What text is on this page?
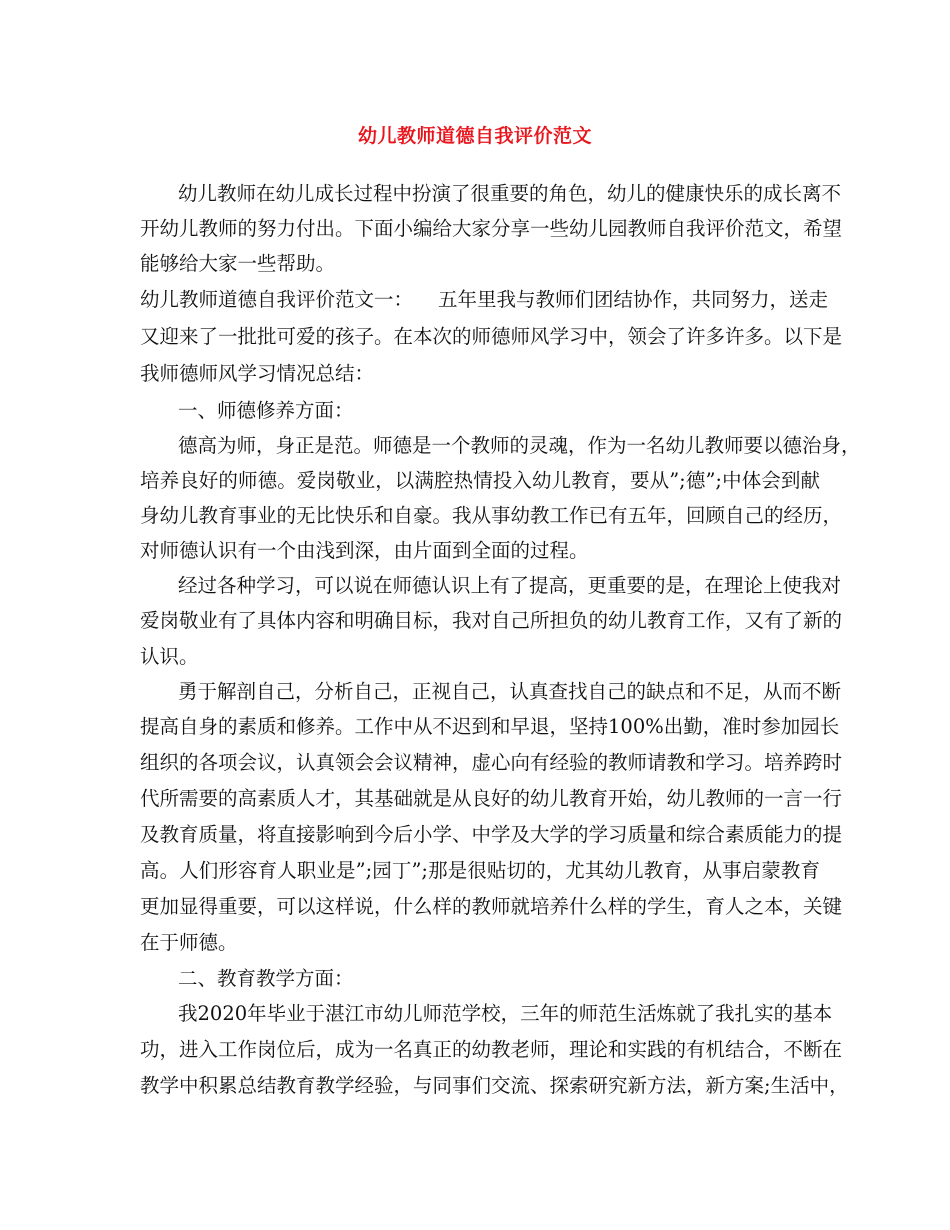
幼儿教师道德自我评价范文
幼儿教师在幼儿成长过程中扮演了很重要的角色，幼儿的健康快乐的成长离不
开幼儿教师的努力付出。下面小编给大家分享一些幼儿园教师自我评价范文，希望
能够给大家一些帮助。
幼儿教师道德自我评价范文一： 五年里我与教师们团结协作，共同努力，送走
又迎来了一批批可爱的孩子。在本次的师德师风学习中，领会了许多许多。以下是
我师德师风学习情况总结：
一、师德修养方面：
德高为师，身正是范。师德是一个教师的灵魂，作为一名幼儿教师要以德治身，
培养良好的师德。爱岗敬业，以满腔热情投入幼儿教育，要从”;德”;中体会到献
身幼儿教育事业的无比快乐和自豪。我从事幼教工作已有五年，回顾自己的经历，
对师德认识有一个由浅到深，由片面到全面的过程。
经过各种学习，可以说在师德认识上有了提高，更重要的是，在理论上使我对
爱岗敬业有了具体内容和明确目标，我对自己所担负的幼儿教育工作，又有了新的
认识。
勇于解剖自己，分析自己，正视自己，认真查找自己的缺点和不足，从而不断
提高自身的素质和修养。工作中从不迟到和早退，坚持100%出勤，准时参加园长
组织的各项会议，认真领会会议精神，虚心向有经验的教师请教和学习。培养跨时
代所需要的高素质人才，其基础就是从良好的幼儿教育开始，幼儿教师的一言一行
及教育质量，将直接影响到今后小学、中学及大学的学习质量和综合素质能力的提
高。人们形容育人职业是”;园丁”;那是很贴切的，尤其幼儿教育，从事启蒙教育
更加显得重要，可以这样说，什么样的教师就培养什么样的学生，育人之本，关键
在于师德。
二、教育教学方面：
我2020年毕业于湛江市幼儿师范学校，三年的师范生活炼就了我扎实的基本
功，进入工作岗位后，成为一名真正的幼教老师，理论和实践的有机结合，不断在
教学中积累总结教育教学经验，与同事们交流、探索研究新方法，新方案;生活中，
